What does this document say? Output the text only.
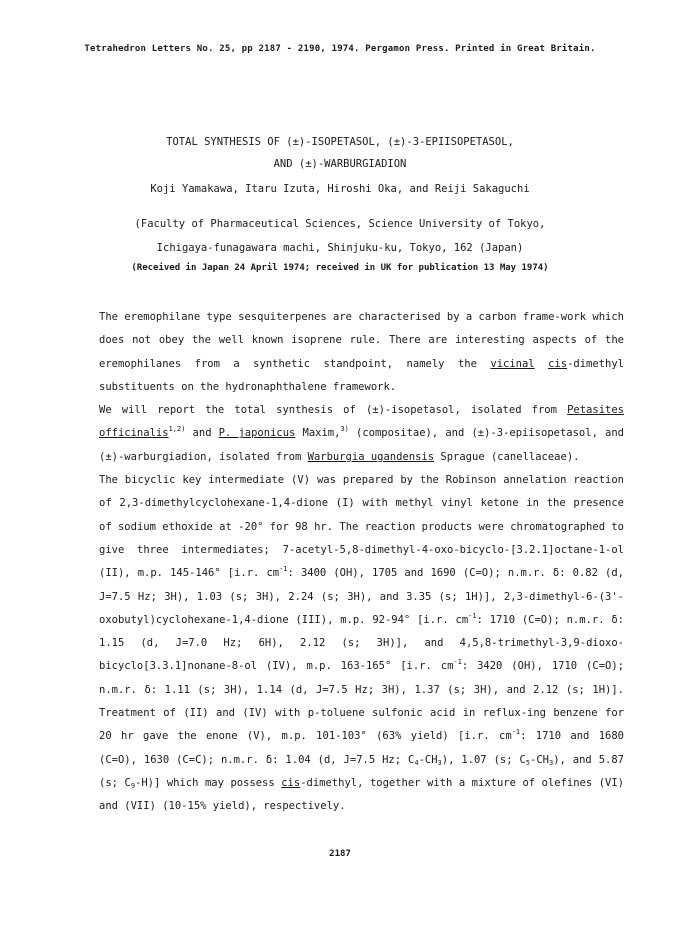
Tetrahedron Letters No. 25, pp 2187 - 2190, 1974. Pergamon Press. Printed in Great Britain.
TOTAL SYNTHESIS OF (±)-ISOPETASOL, (±)-3-EPIISOPETASOL,
AND (±)-WARBURGIADION
Koji Yamakawa, Itaru Izuta, Hiroshi Oka, and Reiji Sakaguchi
(Faculty of Pharmaceutical Sciences, Science University of Tokyo,
Ichigaya-funagawara machi, Shinjuku-ku, Tokyo, 162 (Japan)
(Received in Japan 24 April 1974; received in UK for publication 13 May 1974)

The eremophilane type sesquiterpenes are characterised by a carbon frame-work which does not obey the well known isoprene rule. There are interesting aspects of the eremophilanes from a synthetic standpoint, namely the vicinal cis-dimethyl substituents on the hydronaphthalene framework.

We will report the total synthesis of (±)-isopetasol, isolated from Petasites officinalis$^{1,2)}$ and P. japonicus Maxim,$^{3)}$ (compositae), and (±)-3-epiisopetasol, and (±)-warburgiadion, isolated from Warburgia ugandensis Sprague (canellaceae).

The bicyclic key intermediate (V) was prepared by the Robinson annelation reaction of 2,3-dimethylcyclohexane-1,4-dione (I) with methyl vinyl ketone in the presence of sodium ethoxide at -20° for 98 hr. The reaction products were chromatographed to give three intermediates; 7-acetyl-5,8-dimethyl-4-oxo-bicyclo-[3.2.1]octane-1-ol (II), m.p. 145-146° [i.r. $cm^{-1}$: 3400 (OH), 1705 and 1690 (C=O); n.m.r. δ: 0.82 (d, J=7.5 Hz; 3H), 1.03 (s; 3H), 2.24 (s; 3H), and 3.35 (s; 1H)], 2,3-dimethyl-6-(3'-oxobutyl)cyclohexane-1,4-dione (III), m.p. 92-94° [i.r. $cm^{-1}$: 1710 (C=O); n.m.r. δ: 1.15 (d, J=7.0 Hz; 6H), 2.12 (s; 3H)], and 4,5,8-trimethyl-3,9-dioxo-bicyclo[3.3.1]nonane-8-ol (IV), m.p. 163-165° [i.r. $cm^{-1}$: 3420 (OH), 1710 (C=O); n.m.r. δ: 1.11 (s; 3H), 1.14 (d, J=7.5 Hz; 3H), 1.37 (s; 3H), and 2.12 (s; 1H)]. Treatment of (II) and (IV) with p-toluene sulfonic acid in reflux-ing benzene for 20 hr gave the enone (V), m.p. 101-103° (63% yield) [i.r. $cm^{-1}$: 1710 and 1680 (C=O), 1630 (C=C); n.m.r. δ: 1.04 (d, J=7.5 Hz; $C_4-CH_3$), 1.07 (s; $C_5-CH_3$), and 5.87 (s; $C_9-H$)] which may possess cis-dimethyl, together with a mixture of olefines (VI) and (VII) (10-15% yield), respectively.

2187
